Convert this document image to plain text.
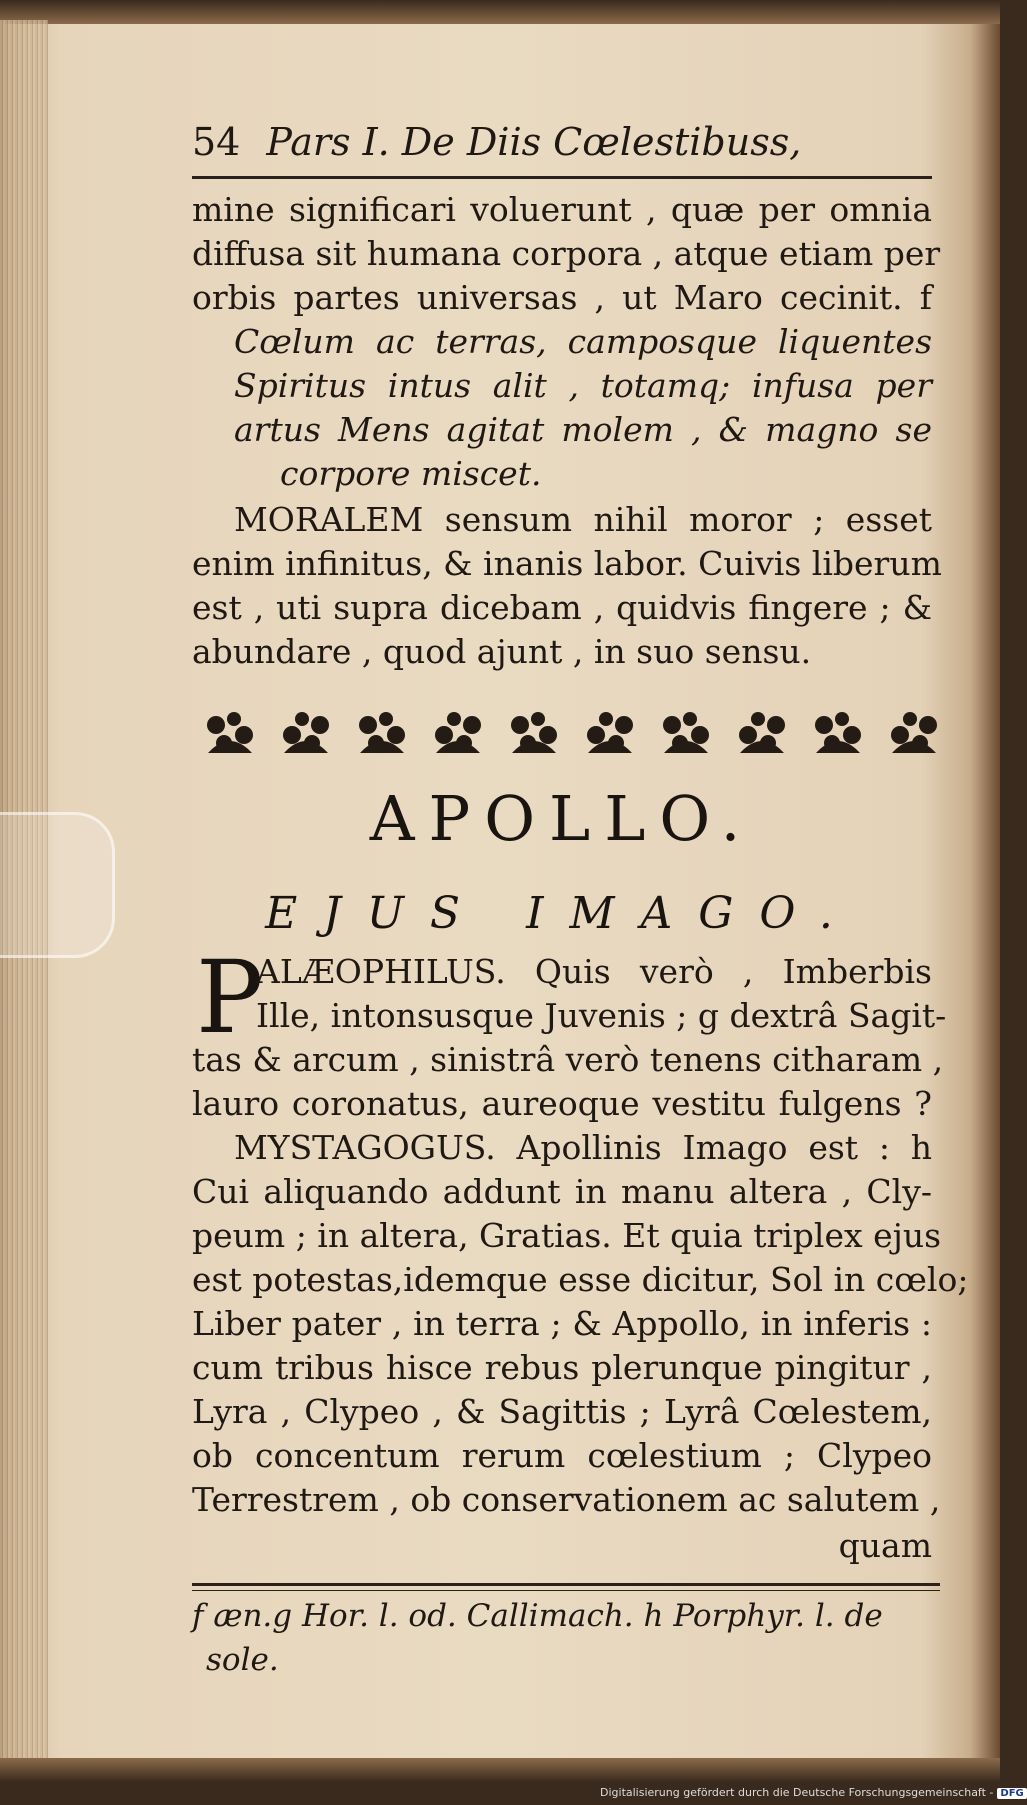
54 Pars I. De Diis Cœlestibuss,
mine significari voluerunt , quæ per omnia
diffusa sit humana corpora , atque etiam per
orbis partes universas , ut Maro cecinit. f
Cœlum ac terras, camposque liquentes
Spiritus intus alit , totamq; infusa per
artus Mens agitat molem , & magno se
corpore miscet.
MORALEM sensum nihil moror ; esset
enim infinitus, & inanis labor. Cuivis liberum
est , uti supra dicebam , quidvis fingere ; &
abundare , quod ajunt , in suo sensu.
APOLLO.
EJUS IMAGO.
P
ALÆOPHILUS. Quis verò , Imberbis
Ille, intonsusque Juvenis ; g dextrâ Sagit-
tas & arcum , sinistrâ verò tenens citharam ,
lauro coronatus, aureoque vestitu fulgens ?
MYSTAGOGUS. Apollinis Imago est : h
Cui aliquando addunt in manu altera , Cly-
peum ; in altera, Gratias. Et quia triplex ejus
est potestas,idemque esse dicitur, Sol in cœlo;
Liber pater , in terra ; & Appollo, in inferis :
cum tribus hisce rebus plerunque pingitur ,
Lyra , Clypeo , & Sagittis ; Lyrâ Cœlestem,
ob concentum rerum cœlestium ; Clypeo
Terrestrem , ob conservationem ac salutem ,
quam
f æn.g Hor. l. od. Callimach. h Porphyr. l. de
sole.
Digitalisierung gefördert durch die Deutsche Forschungsgemeinschaft - DFG
